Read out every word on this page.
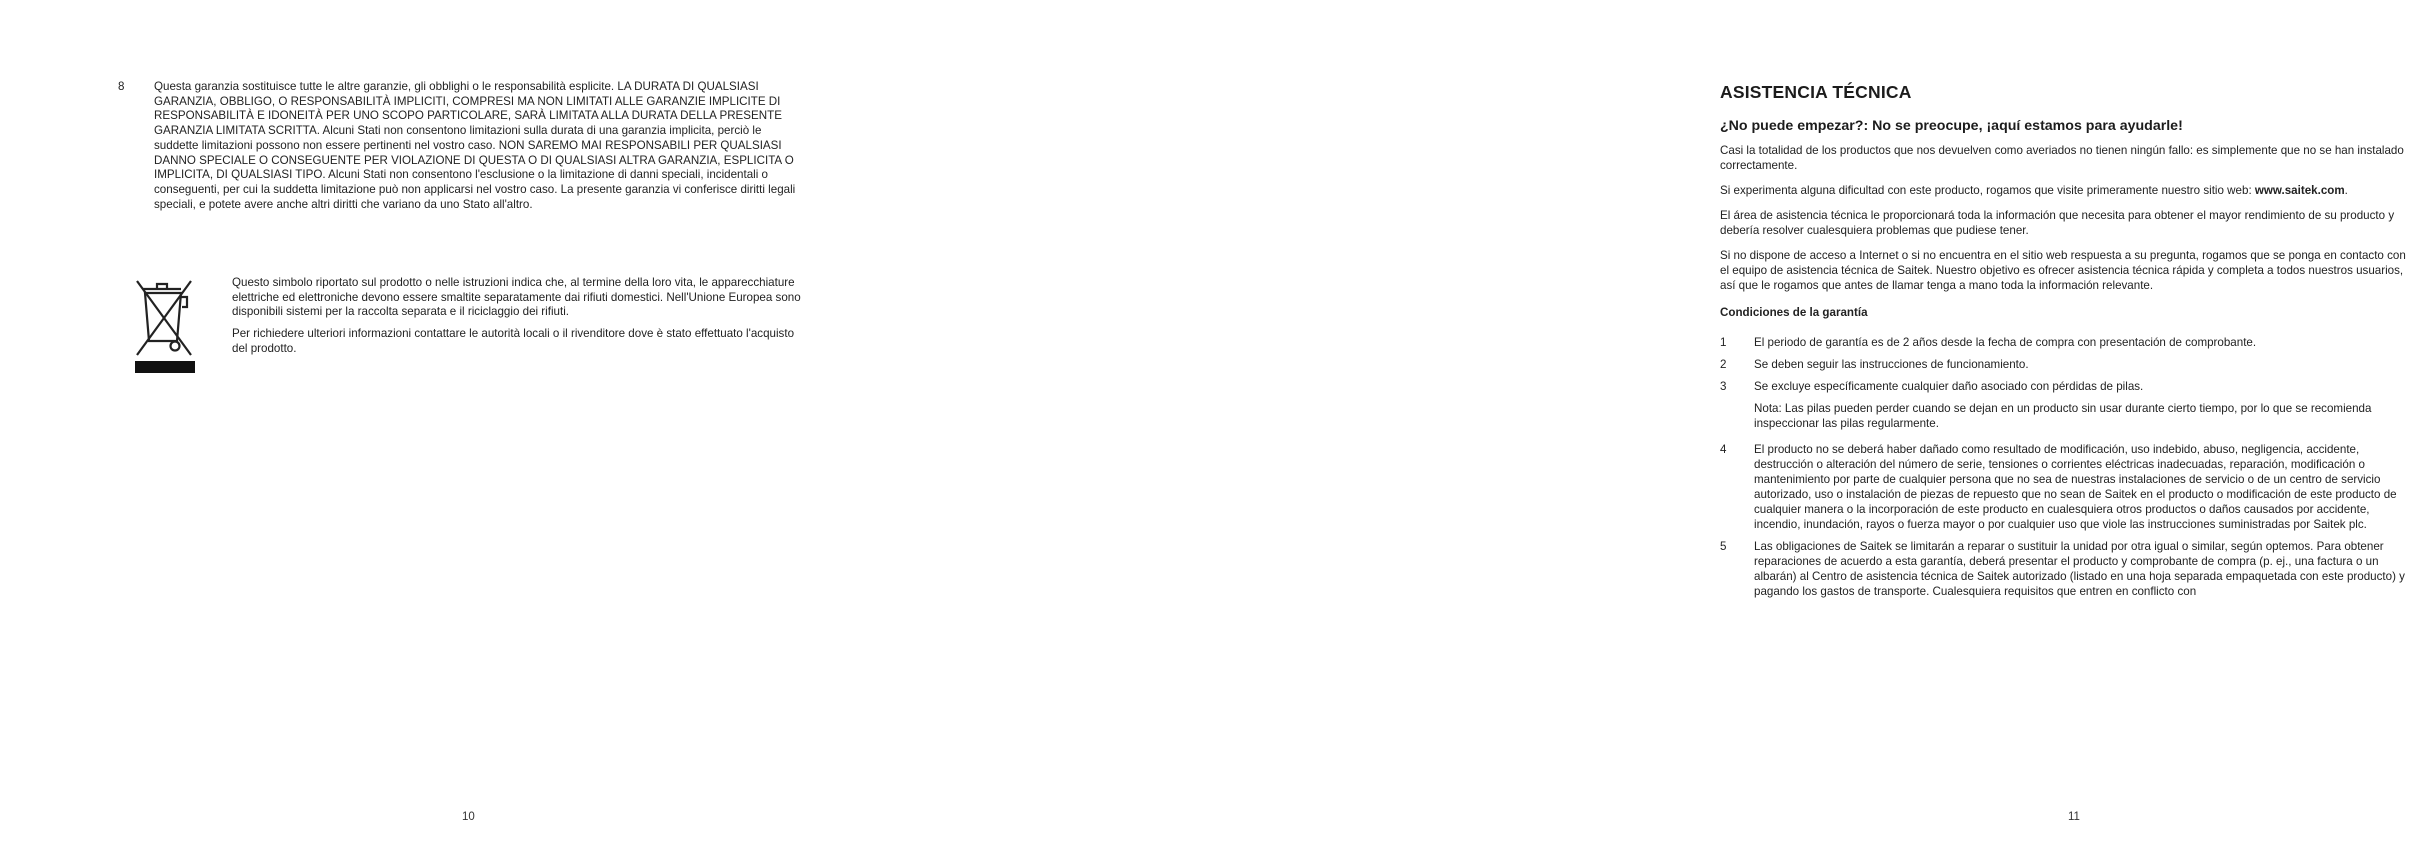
8	Questa garanzia sostituisce tutte le altre garanzie, gli obblighi o le responsabilità esplicite. LA DURATA DI QUALSIASI GARANZIA, OBBLIGO, O RESPONSABILITÀ IMPLICITI, COMPRESI MA NON LIMITATI ALLE GARANZIE IMPLICITE DI RESPONSABILITÀ E IDONEITÀ PER UNO SCOPO PARTICOLARE, SARÀ LIMITATA ALLA DURATA DELLA PRESENTE GARANZIA LIMITATA SCRITTA. Alcuni Stati non consentono limitazioni sulla durata di una garanzia implicita, perciò le suddette limitazioni possono non essere pertinenti nel vostro caso. NON SAREMO MAI RESPONSABILI PER QUALSIASI DANNO SPECIALE O CONSEGUENTE PER VIOLAZIONE DI QUESTA O DI QUALSIASI ALTRA GARANZIA, ESPLICITA O IMPLICITA, DI QUALSIASI TIPO. Alcuni Stati non consentono l'esclusione o la limitazione di danni speciali, incidentali o conseguenti, per cui la suddetta limitazione può non applicarsi nel vostro caso. La presente garanzia vi conferisce diritti legali speciali, e potete avere anche altri diritti che variano da uno Stato all'altro.

Questo simbolo riportato sul prodotto o nelle istruzioni indica che, al termine della loro vita, le apparecchiature elettriche ed elettroniche devono essere smaltite separatamente dai rifiuti domestici. Nell'Unione Europea sono disponibili sistemi per la raccolta separata e il riciclaggio dei rifiuti.

Per richiedere ulteriori informazioni contattare le autorità locali o il rivenditore dove è stato effettuato l'acquisto del prodotto.

10
ASISTENCIA TÉCNICA
¿No puede empezar?: No se preocupe, ¡aquí estamos para ayudarle!

Casi la totalidad de los productos que nos devuelven como averiados no tienen ningún fallo: es simplemente que no se han instalado correctamente.

Si experimenta alguna dificultad con este producto, rogamos que visite primeramente nuestro sitio web: www.saitek.com.

El área de asistencia técnica le proporcionará toda la información que necesita para obtener el mayor rendimiento de su producto y debería resolver cualesquiera problemas que pudiese tener.

Si no dispone de acceso a Internet o si no encuentra en el sitio web respuesta a su pregunta, rogamos que se ponga en contacto con el equipo de asistencia técnica de Saitek. Nuestro objetivo es ofrecer asistencia técnica rápida y completa a todos nuestros usuarios, así que le rogamos que antes de llamar tenga a mano toda la información relevante.

Condiciones de la garantía
1	El periodo de garantía es de 2 años desde la fecha de compra con presentación de comprobante.
2	Se deben seguir las instrucciones de funcionamiento.
3	Se excluye específicamente cualquier daño asociado con pérdidas de pilas.

Nota: Las pilas pueden perder cuando se dejan en un producto sin usar durante cierto tiempo, por lo que se recomienda inspeccionar las pilas regularmente.

4	El producto no se deberá haber dañado como resultado de modificación, uso indebido, abuso, negligencia, accidente, destrucción o alteración del número de serie, tensiones o corrientes eléctricas inadecuadas, reparación, modificación o mantenimiento por parte de cualquier persona que no sea de nuestras instalaciones de servicio o de un centro de servicio autorizado, uso o instalación de piezas de repuesto que no sean de Saitek en el producto o modificación de este producto de cualquier manera o la incorporación de este producto en cualesquiera otros productos o daños causados por accidente, incendio, inundación, rayos o fuerza mayor o por cualquier uso que viole las instrucciones suministradas por Saitek plc.
5	Las obligaciones de Saitek se limitarán a reparar o sustituir la unidad por otra igual o similar, según optemos. Para obtener reparaciones de acuerdo a esta garantía, deberá presentar el producto y comprobante de compra (p. ej., una factura o un albarán) al Centro de asistencia técnica de Saitek autorizado (listado en una hoja separada empaquetada con este producto) y pagando los gastos de transporte. Cualesquiera requisitos que entren en conflicto con
11
